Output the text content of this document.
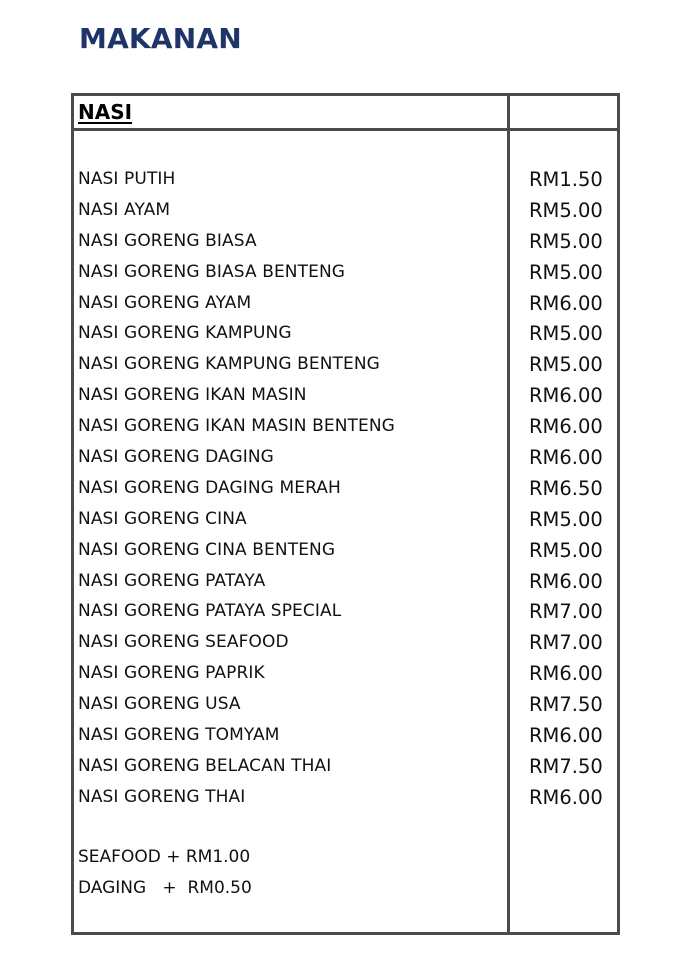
MAKANAN
NASI
NASI PUTIH	RM1.50
NASI AYAM	RM5.00
NASI GORENG BIASA	RM5.00
NASI GORENG BIASA BENTENG	RM5.00
NASI GORENG AYAM	RM6.00
NASI GORENG KAMPUNG	RM5.00
NASI GORENG KAMPUNG BENTENG	RM5.00
NASI GORENG IKAN MASIN	RM6.00
NASI GORENG IKAN MASIN BENTENG	RM6.00
NASI GORENG DAGING	RM6.00
NASI GORENG DAGING MERAH	RM6.50
NASI GORENG CINA	RM5.00
NASI GORENG CINA BENTENG	RM5.00
NASI GORENG PATAYA	RM6.00
NASI GORENG PATAYA SPECIAL	RM7.00
NASI GORENG SEAFOOD	RM7.00
NASI GORENG PAPRIK	RM6.00
NASI GORENG USA	RM7.50
NASI GORENG TOMYAM	RM6.00
NASI GORENG BELACAN THAI	RM7.50
NASI GORENG THAI	RM6.00
SEAFOOD + RM1.00
DAGING   +  RM0.50
